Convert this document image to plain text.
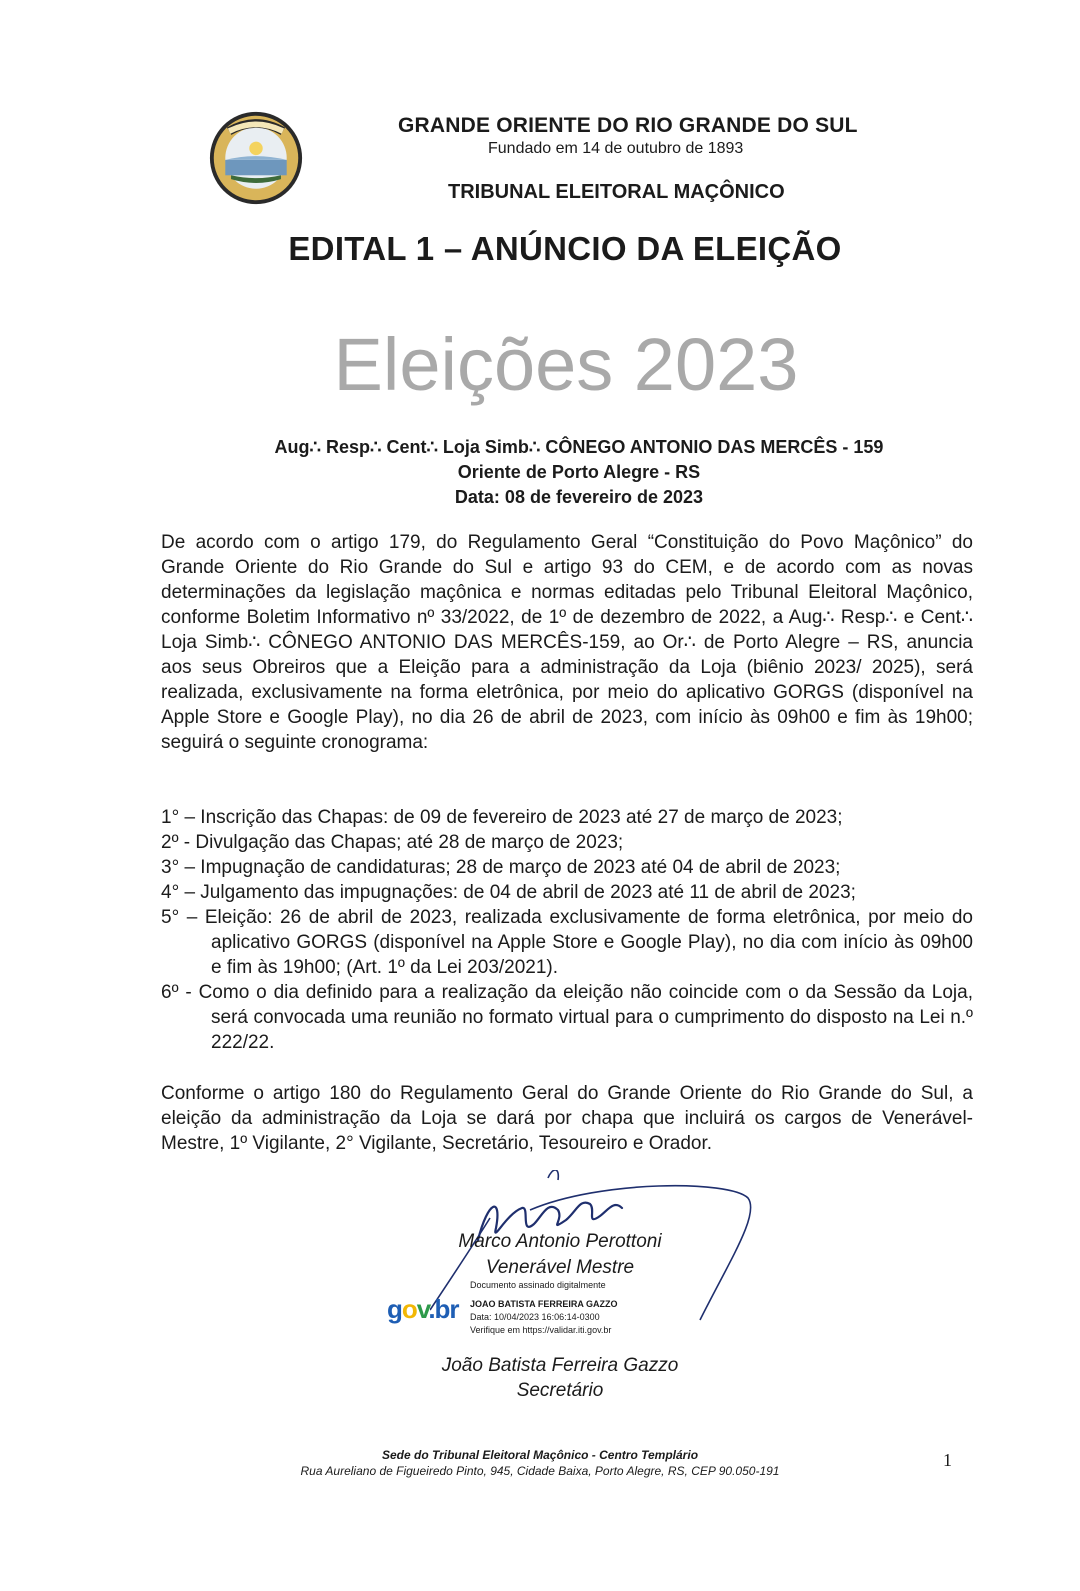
GRANDE ORIENTE DO RIO GRANDE DO SUL
Fundado em 14 de outubro de 1893
TRIBUNAL ELEITORAL MAÇÔNICO
EDITAL 1 – ANÚNCIO DA ELEIÇÃO
Eleições 2023
Aug∴ Resp∴ Cent∴ Loja Simb∴ CÔNEGO ANTONIO DAS MERCÊS - 159
Oriente de Porto Alegre - RS
Data: 08 de fevereiro de 2023
De acordo com o artigo 179, do Regulamento Geral “Constituição do Povo Maçônico” do Grande Oriente do Rio Grande do Sul e artigo 93 do CEM, e de acordo com as novas determinações da legislação maçônica e normas editadas pelo Tribunal Eleitoral Maçônico, conforme Boletim Informativo nº 33/2022, de 1º de dezembro de 2022, a Aug∴ Resp∴ e Cent∴ Loja Simb∴ CÔNEGO ANTONIO DAS MERCÊS-159, ao Or∴ de Porto Alegre – RS, anuncia aos seus Obreiros que a Eleição para a administração da Loja (biênio 2023/ 2025), será realizada, exclusivamente na forma eletrônica, por meio do aplicativo GORGS (disponível na Apple Store e Google Play), no dia 26 de abril de 2023, com início às 09h00 e fim às 19h00; seguirá o seguinte cronograma:
1° – Inscrição das Chapas: de 09 de fevereiro de 2023 até 27 de março de 2023;
2º - Divulgação das Chapas; até 28 de março de 2023;
3° – Impugnação de candidaturas; 28 de março de 2023 até 04 de abril de 2023;
4° – Julgamento das impugnações: de 04 de abril de 2023 até 11 de abril de 2023;
5° – Eleição: 26 de abril de 2023, realizada exclusivamente de forma eletrônica, por meio do aplicativo GORGS (disponível na Apple Store e Google Play), no dia com início às 09h00 e fim às 19h00; (Art. 1º da Lei 203/2021).
6º - Como o dia definido para a realização da eleição não coincide com o da Sessão da Loja, será convocada uma reunião no formato virtual para o cumprimento do disposto na Lei n.º 222/22.
Conforme o artigo 180 do Regulamento Geral do Grande Oriente do Rio Grande do Sul, a eleição da administração da Loja se dará por chapa que incluirá os cargos de Venerável-Mestre, 1º Vigilante, 2° Vigilante, Secretário, Tesoureiro e Orador.
Marco Antonio Perottoni
Venerável Mestre
Documento assinado digitalmente
gov.br JOAO BATISTA FERREIRA GAZZO
Data: 10/04/2023 16:06:14-0300
Verifique em https://validar.iti.gov.br
João Batista Ferreira Gazzo
Secretário
Sede do Tribunal Eleitoral Maçônico - Centro Templário
Rua Aureliano de Figueiredo Pinto, 945, Cidade Baixa, Porto Alegre, RS, CEP 90.050-191
1
